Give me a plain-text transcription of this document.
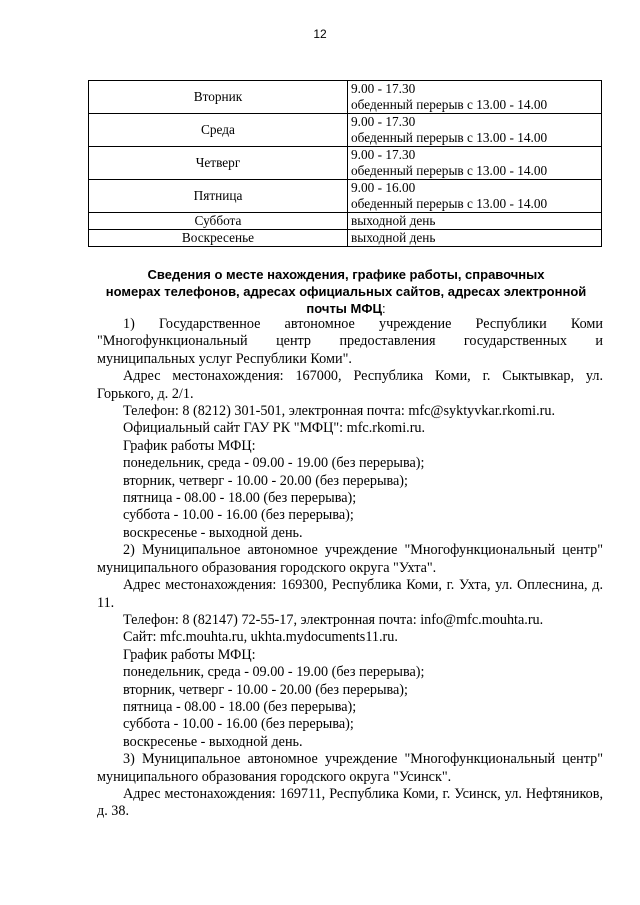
12
Вторник	9.00 - 17.30
обеденный перерыв с 13.00 - 14.00

Среда	9.00 - 17.30
обеденный перерыв с 13.00 - 14.00

Четверг	9.00 - 17.30
обеденный перерыв с 13.00 - 14.00

Пятница	9.00 - 16.00
обеденный перерыв с 13.00 - 14.00

Суббота	выходной день
Воскресенье	выходной день
Сведения о месте нахождения, графике работы, справочных
номерах телефонов, адресах официальных сайтов, адресах электронной
почты МФЦ:

1) Государственное автономное учреждение Республики Коми "Многофункциональный центр предоставления государственных и муниципальных услуг Республики Коми".

Адрес местонахождения: 167000, Республика Коми, г. Сыктывкар, ул. Горького, д. 2/1.

Телефон: 8 (8212) 301-501, электронная почта: mfc@syktyvkar.rkomi.ru.

Официальный сайт ГАУ РК "МФЦ": mfc.rkomi.ru.

График работы МФЦ:

понедельник, среда - 09.00 - 19.00 (без перерыва);

вторник, четверг - 10.00 - 20.00 (без перерыва);

пятница - 08.00 - 18.00 (без перерыва);

суббота - 10.00 - 16.00 (без перерыва);

воскресенье - выходной день.

2) Муниципальное автономное учреждение "Многофункциональный центр" муниципального образования городского округа "Ухта".

Адрес местонахождения: 169300, Республика Коми, г. Ухта, ул. Оплеснина, д. 11.

Телефон: 8 (82147) 72-55-17, электронная почта: info@mfc.mouhta.ru.

Сайт: mfc.mouhta.ru, ukhta.mydocuments11.ru.

График работы МФЦ:

понедельник, среда - 09.00 - 19.00 (без перерыва);

вторник, четверг - 10.00 - 20.00 (без перерыва);

пятница - 08.00 - 18.00 (без перерыва);

суббота - 10.00 - 16.00 (без перерыва);

воскресенье - выходной день.

3) Муниципальное автономное учреждение "Многофункциональный центр" муниципального образования городского округа "Усинск".

Адрес местонахождения: 169711, Республика Коми, г. Усинск, ул. Нефтяников, д. 38.
